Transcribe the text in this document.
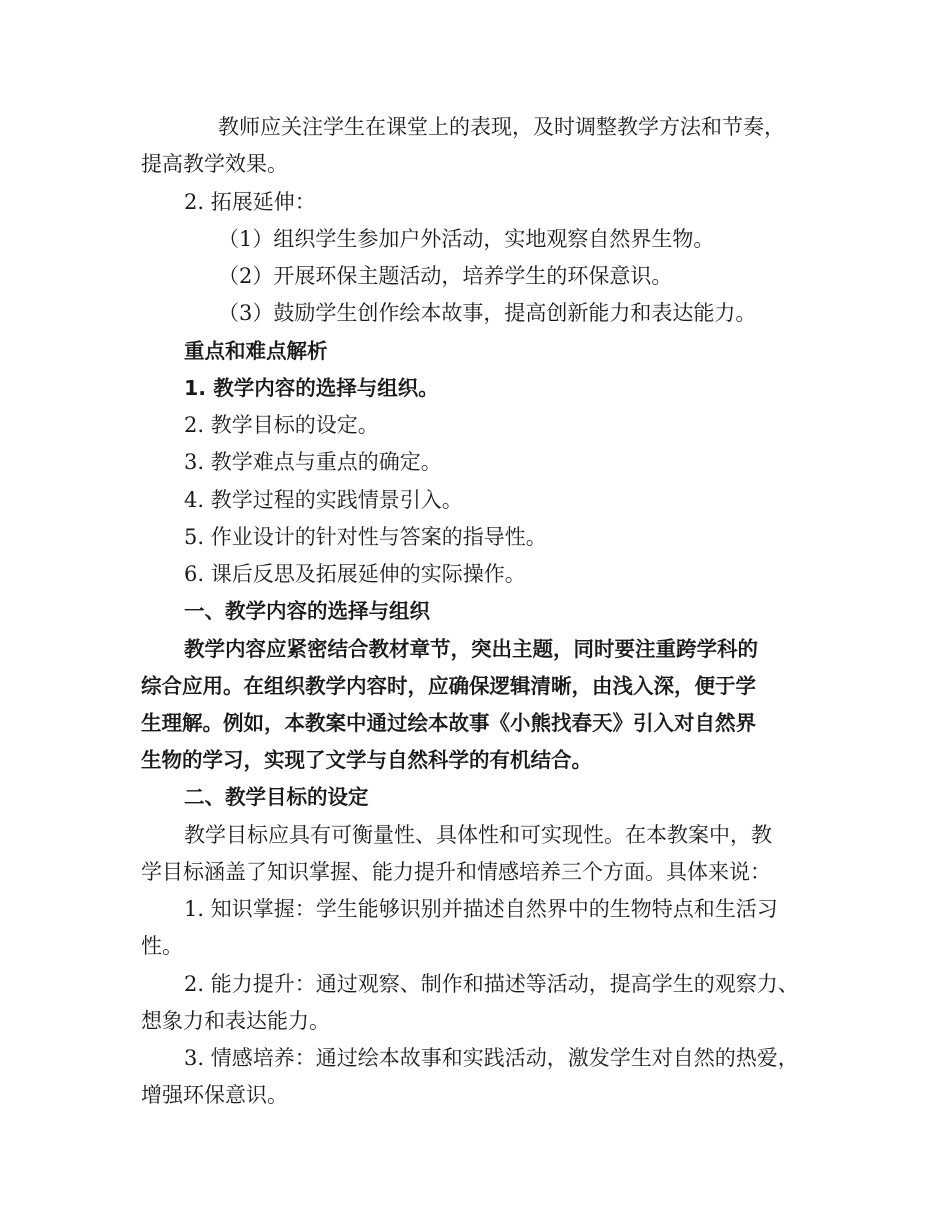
教师应关注学生在课堂上的表现，及时调整教学方法和节奏，
提高教学效果。
2. 拓展延伸：
（1）组织学生参加户外活动，实地观察自然界生物。
（2）开展环保主题活动，培养学生的环保意识。
（3）鼓励学生创作绘本故事，提高创新能力和表达能力。
重点和难点解析
1. 教学内容的选择与组织。
2. 教学目标的设定。
3. 教学难点与重点的确定。
4. 教学过程的实践情景引入。
5. 作业设计的针对性与答案的指导性。
6. 课后反思及拓展延伸的实际操作。
一、教学内容的选择与组织
教学内容应紧密结合教材章节，突出主题，同时要注重跨学科的
综合应用。在组织教学内容时，应确保逻辑清晰，由浅入深，便于学
生理解。例如，本教案中通过绘本故事《小熊找春天》引入对自然界
生物的学习，实现了文学与自然科学的有机结合。
二、教学目标的设定
教学目标应具有可衡量性、具体性和可实现性。在本教案中，教
学目标涵盖了知识掌握、能力提升和情感培养三个方面。具体来说：
1. 知识掌握：学生能够识别并描述自然界中的生物特点和生活习
性。
2. 能力提升：通过观察、制作和描述等活动，提高学生的观察力、
想象力和表达能力。
3. 情感培养：通过绘本故事和实践活动，激发学生对自然的热爱，
增强环保意识。
